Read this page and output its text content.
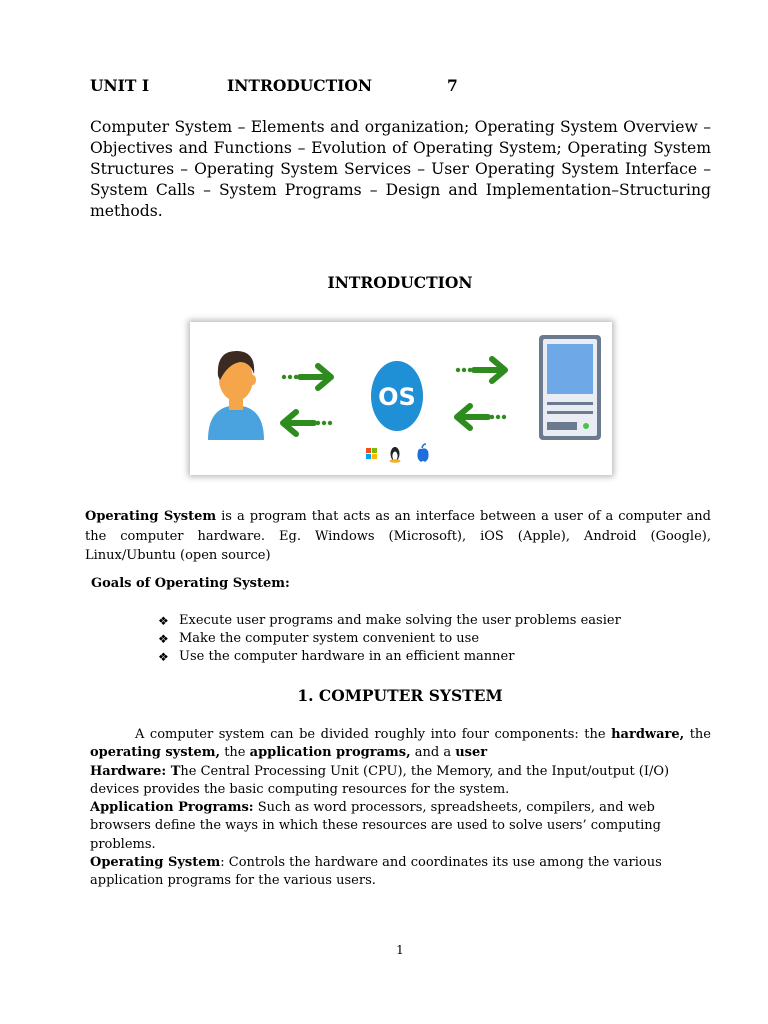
UNIT I	INTRODUCTION	7

Computer System – Elements and organization; Operating System Overview – Objectives and Functions – Evolution of Operating System; Operating System Structures – Operating System Services – User Operating System Interface – System Calls – System Programs – Design and Implementation–Structuring methods.

INTRODUCTION
OS

Operating System is a program that acts as an interface between a user of a computer and the computer hardware. Eg. Windows (Microsoft), iOS (Apple), Android (Google), Linux/Ubuntu (open source)

Goals of Operating System:
❖ Execute user programs and make solving the user problems easier
❖ Make the computer system convenient to use
❖ Use the computer hardware in an efficient manner
1. COMPUTER SYSTEM
A computer system can be divided roughly into four components: the hardware, the
operating system, the application programs, and a user
Hardware: The Central Processing Unit (CPU), the Memory, and the Input/output (I/O) devices provides the basic computing resources for the system.
Application Programs: Such as word processors, spreadsheets, compilers, and web browsers define the ways in which these resources are used to solve users’ computing problems.
Operating System: Controls the hardware and coordinates its use among the various application programs for the various users.
1
